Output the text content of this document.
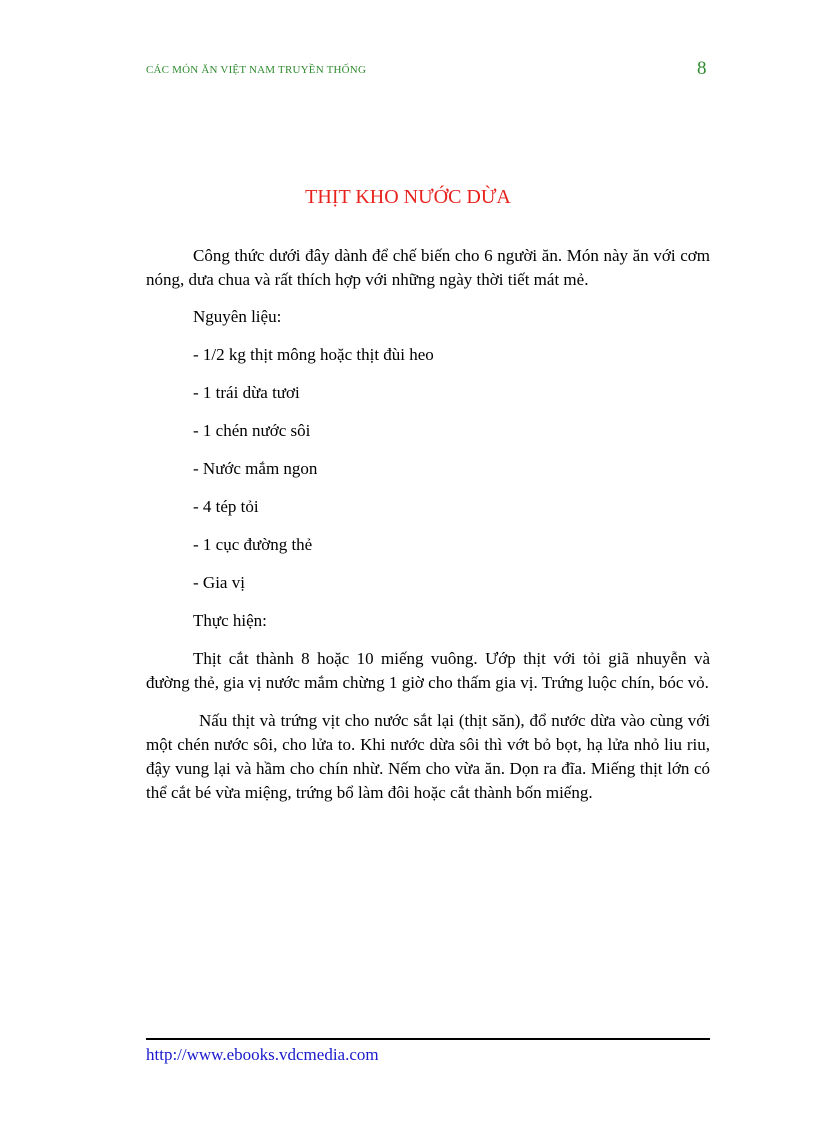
CÁC MÓN ĂN VIỆT NAM TRUYỀN THỐNG	8
THỊT KHO NƯỚC DỪA

Công thức dưới đây dành để chế biến cho 6 người ăn. Món này ăn với cơm nóng, dưa chua và rất thích hợp với những ngày thời tiết mát mẻ.

Nguyên liệu:

- 1/2 kg thịt mông hoặc thịt đùi heo

- 1 trái dừa tươi

- 1 chén nước sôi

- Nước mắm ngon

- 4 tép tỏi

- 1 cục đường thẻ

- Gia vị

Thực hiện:

Thịt cắt thành 8 hoặc 10 miếng vuông. Ướp thịt với tỏi giã nhuyễn và đường thẻ, gia vị nước mắm chừng 1 giờ cho thấm gia vị. Trứng luộc chín, bóc vỏ.

Nấu thịt và trứng vịt cho nước sắt lại (thịt săn), đổ nước dừa vào cùng với một chén nước sôi, cho lửa to. Khi nước dừa sôi thì vớt bỏ bọt, hạ lửa nhỏ liu riu, đậy vung lại và hầm cho chín nhừ. Nếm cho vừa ăn. Dọn ra đĩa. Miếng thịt lớn có thể cắt bé vừa miệng, trứng bổ làm đôi hoặc cắt thành bốn miếng.

http://www.ebooks.vdcmedia.com
